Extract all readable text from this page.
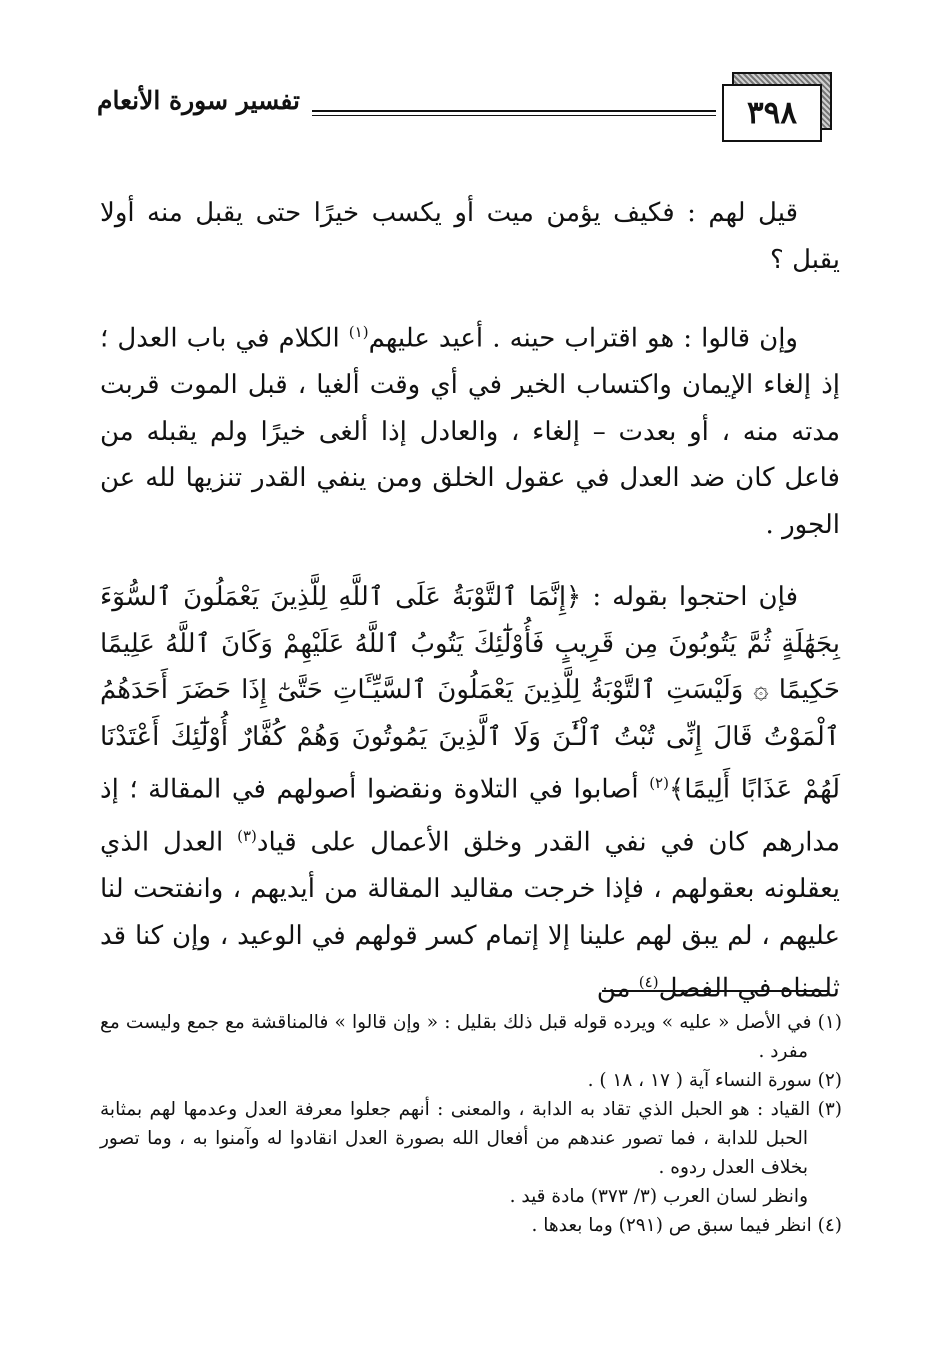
٣٩٨
تفسير سورة الأنعام

قيل لهم : فكيف يؤمن ميت أو يكسب خيرًا حتى يقبل منه أولا يقبل ؟

وإن قالوا : هو اقتراب حينه . أعيد عليهم$^{(١)}$ الكلام في باب العدل ؛ إذ إلغاء الإيمان واكتساب الخير في أي وقت ألغيا ، قبل الموت قربت مدته منه ، أو بعدت – إلغاء ، والعادل إذا ألغى خيرًا ولم يقبله من فاعل كان ضد العدل في عقول الخلق ومن ينفي القدر تنزيها لله عن الجور .

فإن احتجوا بقوله : ﴿إِنَّمَا ٱلتَّوْبَةُ عَلَى ٱللَّهِ لِلَّذِينَ يَعْمَلُونَ ٱلسُّوٓءَ بِجَهَٰلَةٍ ثُمَّ يَتُوبُونَ مِن قَرِيبٍ فَأُوْلَٰٓئِكَ يَتُوبُ ٱللَّهُ عَلَيْهِمْ وَكَانَ ٱللَّهُ عَلِيمًا حَكِيمًا ۞ وَلَيْسَتِ ٱلتَّوْبَةُ لِلَّذِينَ يَعْمَلُونَ ٱلسَّيِّـَٔاتِ حَتَّىٰٓ إِذَا حَضَرَ أَحَدَهُمُ ٱلْمَوْتُ قَالَ إِنِّى تُبْتُ ٱلْـَٰٔنَ وَلَا ٱلَّذِينَ يَمُوتُونَ وَهُمْ كُفَّارٌ أُوْلَٰٓئِكَ أَعْتَدْنَا لَهُمْ عَذَابًا أَلِيمًا﴾$^{(٢)}$ أصابوا في التلاوة ونقضوا أصولهم في المقالة ؛ إذ مدارهم كان في نفي القدر وخلق الأعمال على قياد$^{(٣)}$ العدل الذي يعقلونه بعقولهم ، فإذا خرجت مقاليد المقالة من أيديهم ، وانفتحت لنا عليهم ، لم يبق لهم علينا إلا إتمام كسر قولهم في الوعيد ، وإن كنا قد ثلمناه في الفصل$^{(٤)}$ من

(١) في الأصل « عليه » ويرده قوله قبل ذلك بقليل : « وإن قالوا » فالمناقشة مع جمع وليست مع مفرد .

(٢) سورة النساء آية ( ١٧ ، ١٨ ) .

(٣) القياد : هو الحبل الذي تقاد به الدابة ، والمعنى : أنهم جعلوا معرفة العدل وعدمها لهم بمثابة الحبل للدابة ، فما تصور عندهم من أفعال الله بصورة العدل انقادوا له وآمنوا به ، وما تصور بخلاف العدل ردوه .

وانظر لسان العرب (٣/ ٣٧٣) مادة قيد .

(٤) انظر فيما سبق ص (٢٩١) وما بعدها .
